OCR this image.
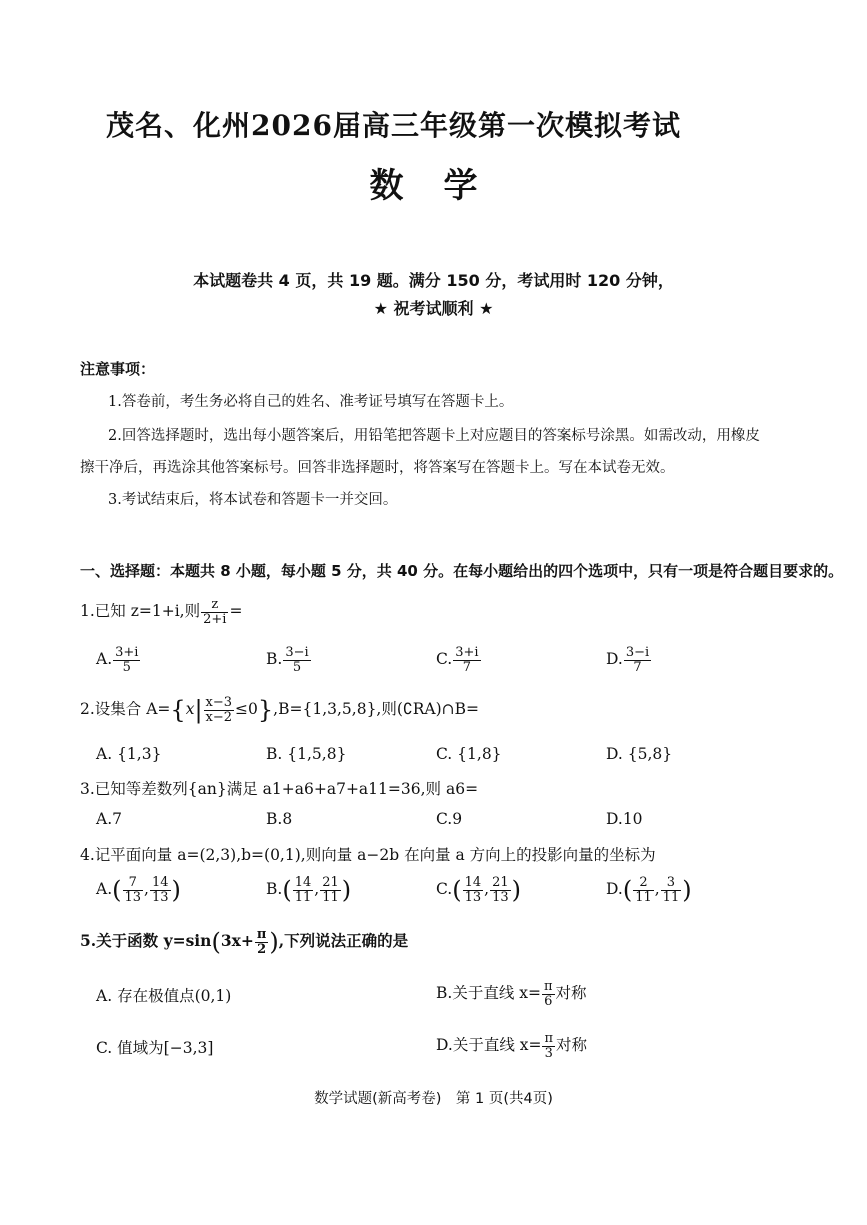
茂名、化州2026届高三年级第一次模拟考试
数学
本试题卷共 4 页，共 19 题。满分 150 分，考试用时 120 分钟，
★ 祝考试顺利 ★
注意事项：
1.答卷前，考生务必将自己的姓名、准考证号填写在答题卡上。
2.回答选择题时，选出每小题答案后，用铅笔把答题卡上对应题目的答案标号涂黑。如需改动，用橡皮
擦干净后，再选涂其他答案标号。回答非选择题时，将答案写在答题卡上。写在本试卷无效。
3.考试结束后，将本试卷和答题卡一并交回。
一、选择题：本题共 8 小题，每小题 5 分，共 40 分。在每小题给出的四个选项中，只有一项是符合题目要求的。
1.已知 z=1+i,则 $\frac{z}{2+i}$ =
A. $\frac{3+i}{5}$	B. $\frac{3-i}{5}$	C. $\frac{3+i}{7}$	D. $\frac{3-i}{7}$
2.设集合 $A=\{x| \frac{x-3}{x-2} \le 0\},B=\{1,3,5,8\}$,则(∁RA)∩B=
A. {1,3}	B. {1,5,8}	C. {1,8}	D. {5,8}
3.已知等差数列{an}满足 a1+a6+a7+a11=36,则 a6=
A.7	B.8	C.9	D.10
4.记平面向量 a=(2,3),b=(0,1),则向量 a−2b 在向量 a 方向上的投影向量的坐标为
$A.( \frac{7}{13}$ , $\frac{14}{13}$ )	$B.( \frac{14}{11}$ , $\frac{21}{11}$ )	$C.( \frac{14}{13}$ , $\frac{21}{13}$ )	$D.( \frac{2}{11}$ , $\frac{3}{11}$ )
5.关于函数 $y=\sin(3x+ \frac{\pi}{2}$ ),下列说法正确的是
A. 存在极值点(0,1)	B.关于直线 $x= \frac{\pi}{6}$ 对称
C. 值域为[−3,3]	D.关于直线 $x= \frac{\pi}{3}$ 对称
数学试题(新高考卷)　第 1 页(共4页)
